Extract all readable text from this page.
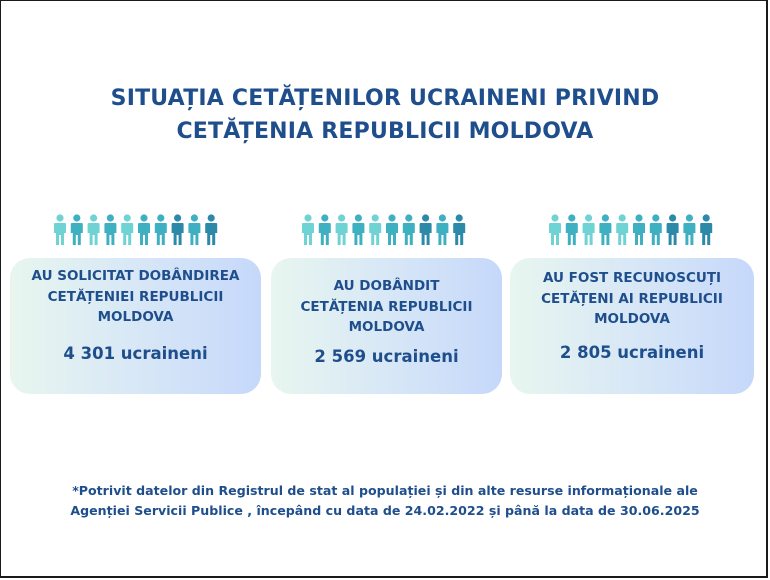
SITUAȚIA CETĂȚENILOR UCRAINENI PRIVIND
CETĂȚENIA REPUBLICII MOLDOVA
AU SOLICITAT DOBÂNDIREA
CETĂȚENIEI REPUBLICII
MOLDOVA
4 301 ucraineni
AU DOBÂNDIT
CETĂȚENIA REPUBLICII
MOLDOVA
2 569 ucraineni
AU FOST RECUNOSCUȚI
CETĂȚENI AI REPUBLICII
MOLDOVA
2 805 ucraineni
*Potrivit datelor din Registrul de stat al populației și din alte resurse informaționale ale
Agenției Servicii Publice , începând cu data de 24.02.2022 și până la data de 30.06.2025
